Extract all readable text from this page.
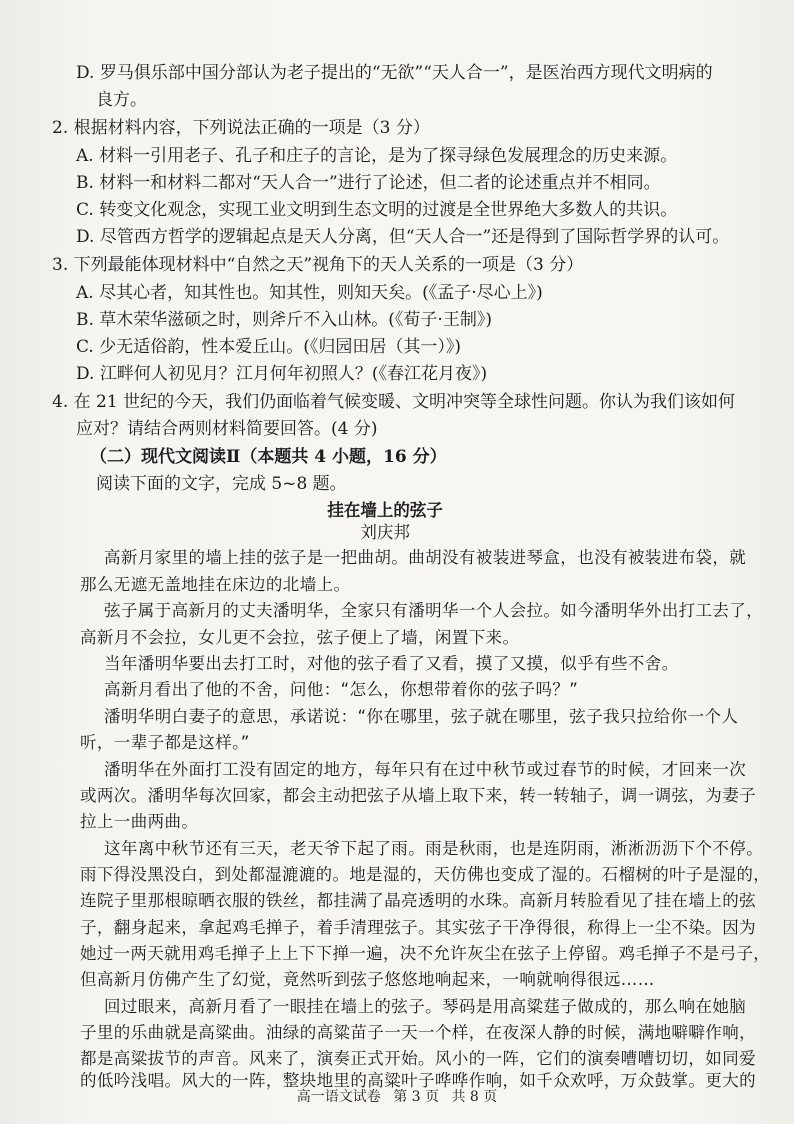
D. 罗马俱乐部中国分部认为老子提出的“无欲”“天人合一”，是医治西方现代文明病的
良方。
2. 根据材料内容，下列说法正确的一项是（3 分）
A. 材料一引用老子、孔子和庄子的言论，是为了探寻绿色发展理念的历史来源。
B. 材料一和材料二都对“天人合一”进行了论述，但二者的论述重点并不相同。
C. 转变文化观念，实现工业文明到生态文明的过渡是全世界绝大多数人的共识。
D. 尽管西方哲学的逻辑起点是天人分离，但“天人合一”还是得到了国际哲学界的认可。
3. 下列最能体现材料中“自然之天”视角下的天人关系的一项是（3 分）
A. 尽其心者，知其性也。知其性，则知天矣。(《孟子·尽心上》)
B. 草木荣华滋硕之时，则斧斤不入山林。(《荀子·王制》)
C. 少无适俗韵，性本爱丘山。(《归园田居（其一）》)
D. 江畔何人初见月？江月何年初照人？(《春江花月夜》)
4. 在 21 世纪的今天，我们仍面临着气候变暖、文明冲突等全球性问题。你认为我们该如何
应对？请结合两则材料简要回答。(4 分)
（二）现代文阅读Ⅱ（本题共 4 小题，16 分）
阅读下面的文字，完成 5~8 题。
挂在墙上的弦子
刘庆邦
高新月家里的墙上挂的弦子是一把曲胡。曲胡没有被装进琴盒，也没有被装进布袋，就
那么无遮无盖地挂在床边的北墙上。
弦子属于高新月的丈夫潘明华，全家只有潘明华一个人会拉。如今潘明华外出打工去了，
高新月不会拉，女儿更不会拉，弦子便上了墙，闲置下来。
当年潘明华要出去打工时，对他的弦子看了又看，摸了又摸，似乎有些不舍。
高新月看出了他的不舍，问他：“怎么，你想带着你的弦子吗？”
潘明华明白妻子的意思，承诺说：“你在哪里，弦子就在哪里，弦子我只拉给你一个人
听，一辈子都是这样。”
潘明华在外面打工没有固定的地方，每年只有在过中秋节或过春节的时候，才回来一次
或两次。潘明华每次回家，都会主动把弦子从墙上取下来，转一转轴子，调一调弦，为妻子
拉上一曲两曲。
这年离中秋节还有三天，老天爷下起了雨。雨是秋雨，也是连阴雨，淅淅沥沥下个不停。
雨下得没黑没白，到处都湿漉漉的。地是湿的，天仿佛也变成了湿的。石榴树的叶子是湿的，
连院子里那根晾晒衣服的铁丝，都挂满了晶亮透明的水珠。高新月转脸看见了挂在墙上的弦
子，翻身起来，拿起鸡毛掸子，着手清理弦子。其实弦子干净得很，称得上一尘不染。因为
她过一两天就用鸡毛掸子上上下下掸一遍，决不允许灰尘在弦子上停留。鸡毛掸子不是弓子，
但高新月仿佛产生了幻觉，竟然听到弦子悠悠地响起来，一响就响得很远……
回过眼来，高新月看了一眼挂在墙上的弦子。琴码是用高粱莛子做成的，那么响在她脑
子里的乐曲就是高粱曲。油绿的高粱苗子一天一个样，在夜深人静的时候，满地噼噼作响，
都是高粱拔节的声音。风来了，演奏正式开始。风小的一阵，它们的演奏嘈嘈切切，如同爱
的低吟浅唱。风大的一阵，整块地里的高粱叶子哗哗作响，如千众欢呼，万众鼓掌。更大的
高一语文试卷 第 3 页 共 8 页
